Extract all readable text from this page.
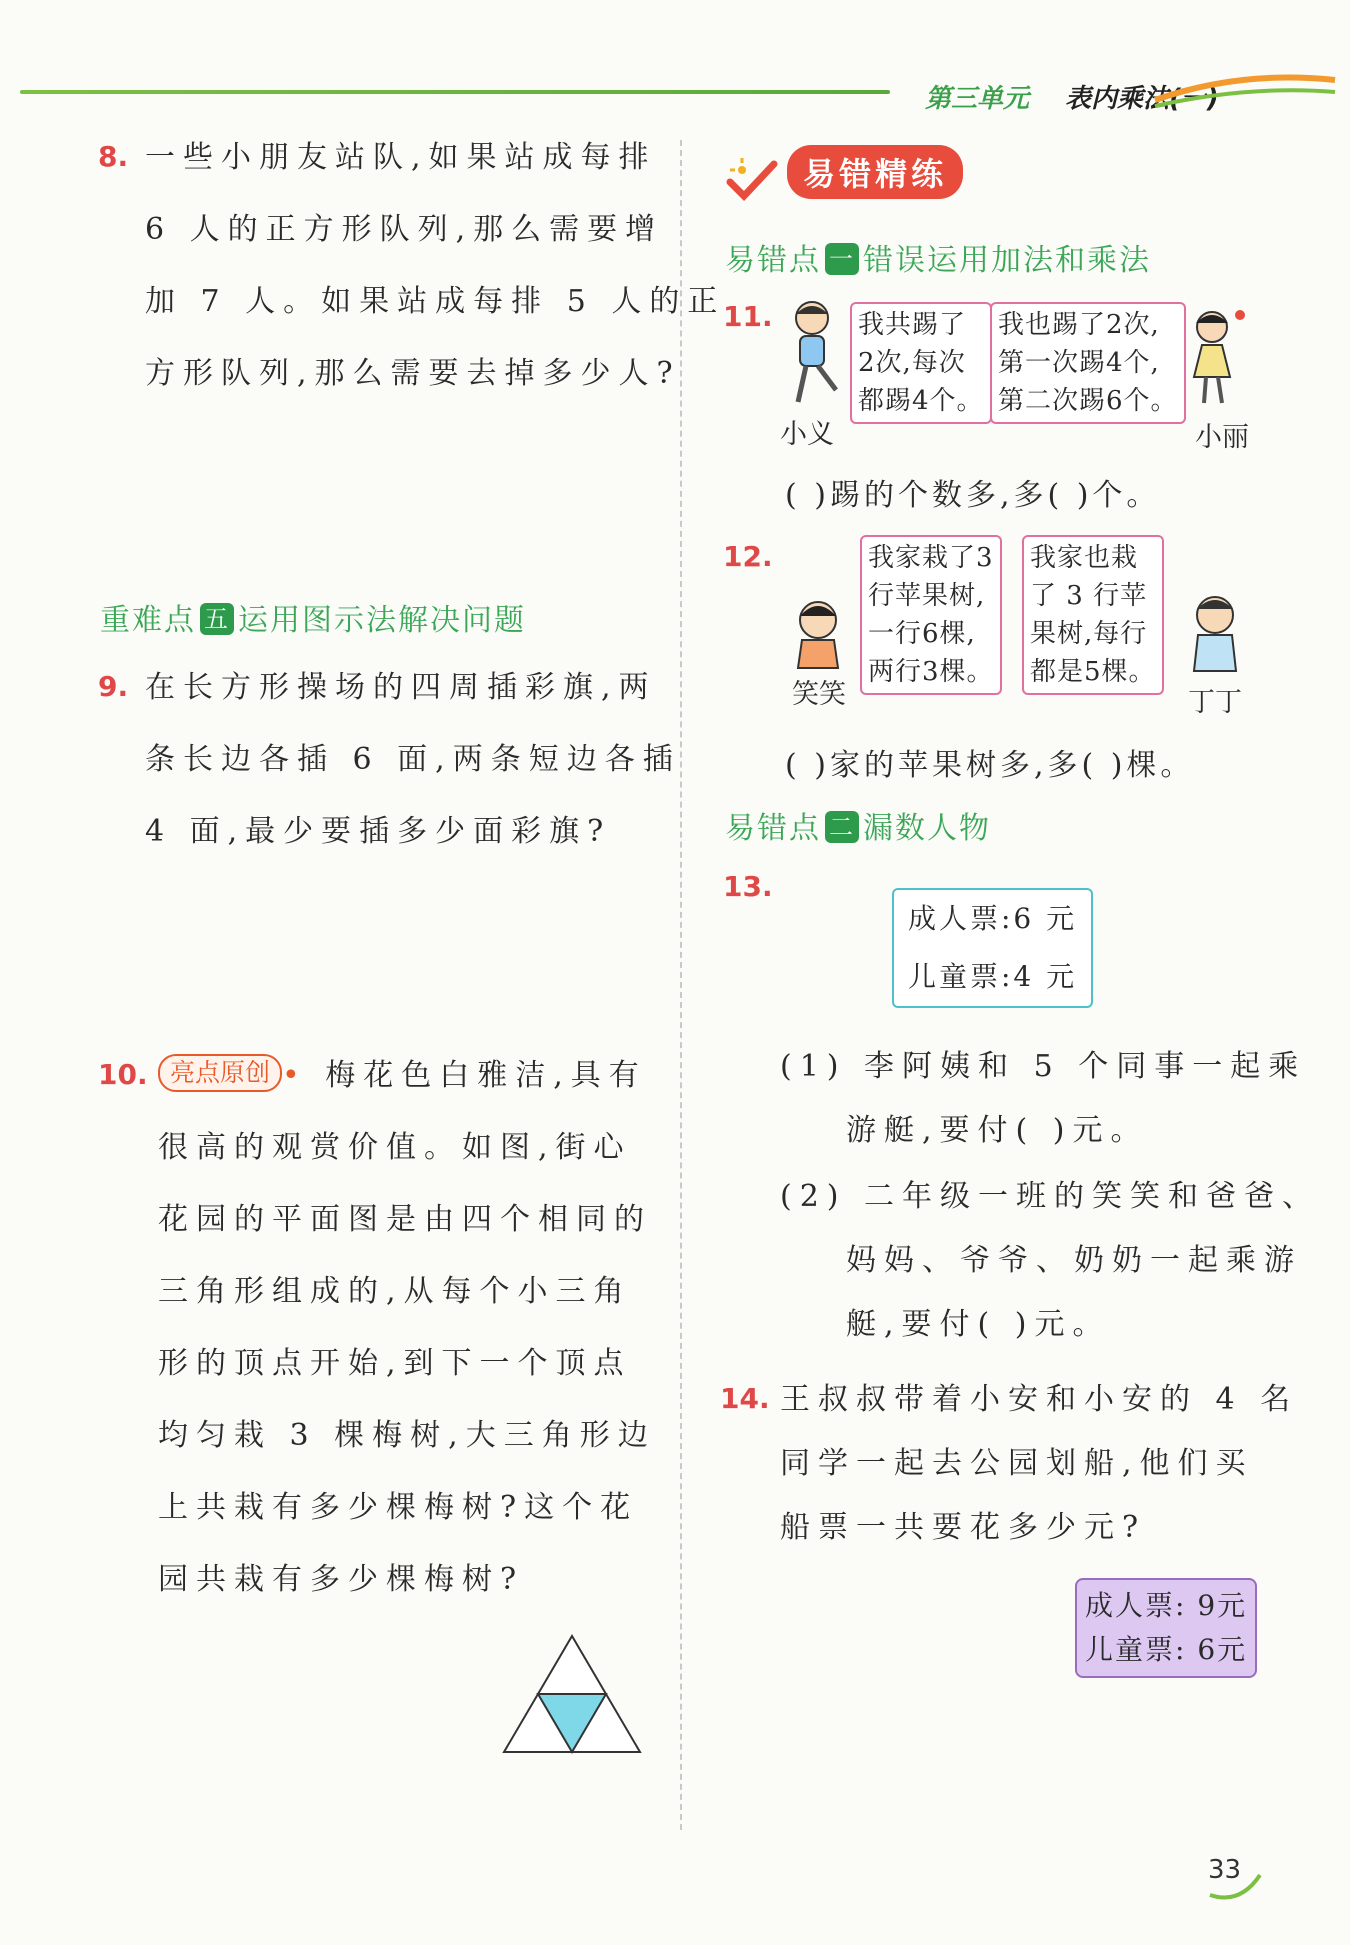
第三单元 表内乘法(一)
8. 一些小朋友站队,如果站成每排
6 人的正方形队列,那么需要增
加 7 人。如果站成每排 5 人的正
方形队列,那么需要去掉多少人?
重难点 五 运用图示法解决问题
9. 在长方形操场的四周插彩旗,两
条长边各插 6 面,两条短边各插
4 面,最少要插多少面彩旗?
10. 亮点原创 • 梅花色白雅洁,具有
很高的观赏价值。如图,街心
花园的平面图是由四个相同的
三角形组成的,从每个小三角
形的顶点开始,到下一个顶点
均匀栽 3 棵梅树,大三角形边
上共栽有多少棵梅树?这个花
园共栽有多少棵梅树?
易错精练
易错点 一 错误运用加法和乘法
11.
小义
我共踢了
2次,每次
都踢4个。
我也踢了2次,
第一次踢4个,
第二次踢6个。
小丽
( )踢的个数多,多( )个。
12.
笑笑
我家栽了3
行苹果树,
一行6棵,
两行3棵。
我家也栽
了 3 行苹
果树,每行
都是5棵。
丁丁
( )家的苹果树多,多( )棵。
易错点 二 漏数人物
13.
成人票:6 元
儿童票:4 元
(1) 李阿姨和 5 个同事一起乘
游艇,要付( )元。
(2) 二年级一班的笑笑和爸爸、
妈妈、爷爷、奶奶一起乘游
艇,要付( )元。
14. 王叔叔带着小安和小安的 4 名
同学一起去公园划船,他们买
船票一共要花多少元?
成人票: 9元
儿童票: 6元
33
